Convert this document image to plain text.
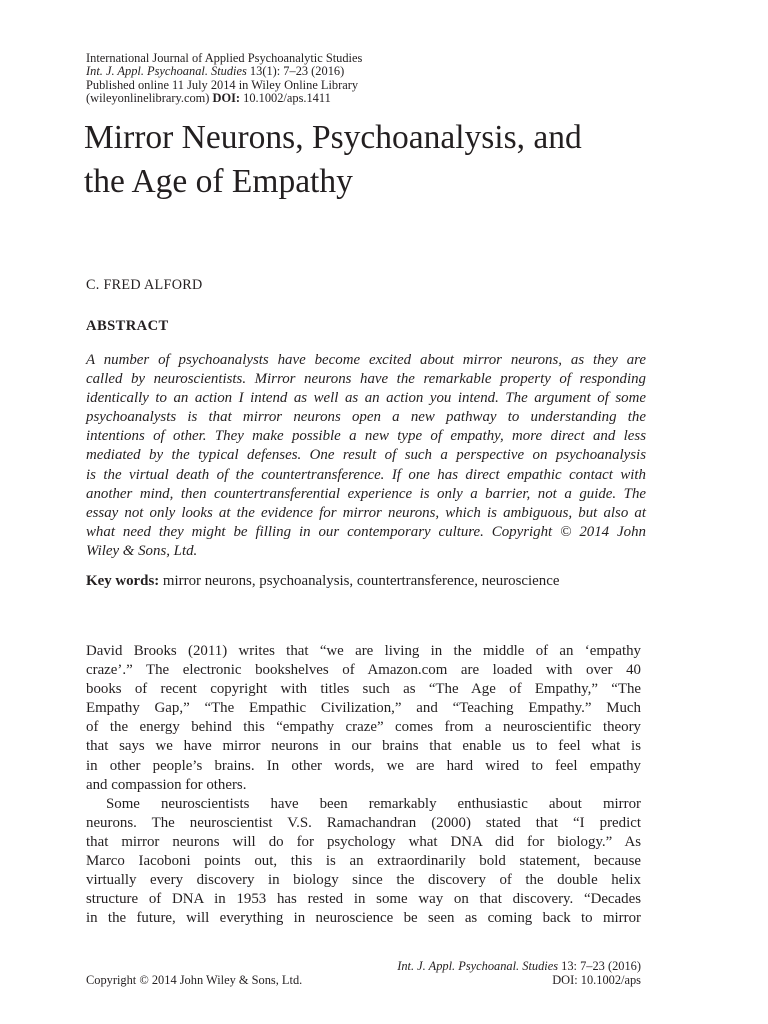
International Journal of Applied Psychoanalytic Studies
Int. J. Appl. Psychoanal. Studies 13(1): 7–23 (2016)
Published online 11 July 2014 in Wiley Online Library
(wileyonlinelibrary.com) DOI: 10.1002/aps.1411
Mirror Neurons, Psychoanalysis, and
the Age of Empathy
C. FRED ALFORD
ABSTRACT
A number of psychoanalysts have become excited about mirror neurons, as they are
called by neuroscientists. Mirror neurons have the remarkable property of responding
identically to an action I intend as well as an action you intend. The argument of some
psychoanalysts is that mirror neurons open a new pathway to understanding the
intentions of other. They make possible a new type of empathy, more direct and less
mediated by the typical defenses. One result of such a perspective on psychoanalysis
is the virtual death of the countertransference. If one has direct empathic contact with
another mind, then countertransferential experience is only a barrier, not a guide. The
essay not only looks at the evidence for mirror neurons, which is ambiguous, but also at
what need they might be filling in our contemporary culture. Copyright © 2014 John
Wiley & Sons, Ltd.
Key words: mirror neurons, psychoanalysis, countertransference, neuroscience
David Brooks (2011) writes that “we are living in the middle of an ‘empathy
craze’.” The electronic bookshelves of Amazon.com are loaded with over 40
books of recent copyright with titles such as “The Age of Empathy,” “The
Empathy Gap,” “The Empathic Civilization,” and “Teaching Empathy.” Much
of the energy behind this “empathy craze” comes from a neuroscientific theory
that says we have mirror neurons in our brains that enable us to feel what is
in other people’s brains. In other words, we are hard wired to feel empathy
and compassion for others.
Some neuroscientists have been remarkably enthusiastic about mirror
neurons. The neuroscientist V.S. Ramachandran (2000) stated that “I predict
that mirror neurons will do for psychology what DNA did for biology.” As
Marco Iacoboni points out, this is an extraordinarily bold statement, because
virtually every discovery in biology since the discovery of the double helix
structure of DNA in 1953 has rested in some way on that discovery. “Decades
in the future, will everything in neuroscience be seen as coming back to mirror
Int. J. Appl. Psychoanal. Studies 13: 7–23 (2016)
DOI: 10.1002/aps
Copyright © 2014 John Wiley & Sons, Ltd.
